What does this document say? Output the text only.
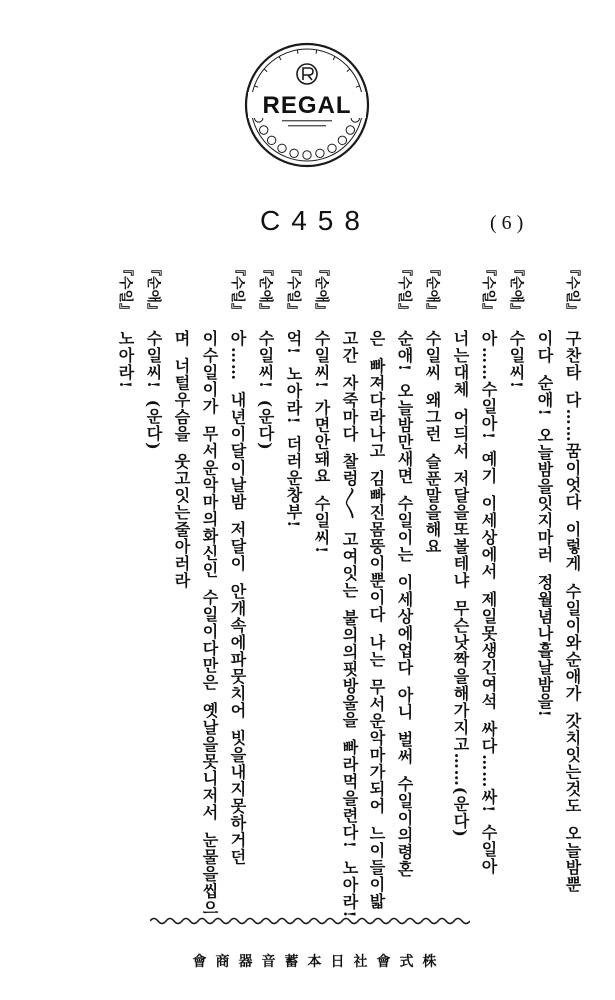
REGAL
C458	(6)
『수일』
구찬타 다……꿈이엇다 이렇게 수일이와순애가 갓치잇는것도 오늘밤뿐
이다 순애! 오늘밤을잇지마러 정월념나흘날밤을!
『순애』
수일씨!
『수일』
아……수일아! 예기 이세상에서 제일못생긴여석 싸다……싸! 수일아
너는대체 어듸서 저달을또볼테냐 무슨낫짝을해가지고……(운다)
『순애』
수일씨 왜그런 슬푼말을해요
『수일』
순애! 오늘밤만새면 수일이는 이세상에업다 아니 벌써 수일이의령혼
은 빠져다라나고 김빠진몸뚱이뿐이다 나는 무서운악마가되어 느이들이밟
고간 자죽마다 찰렁〳〵 고여잇는 불의의핏방울을 빠라먹을련다! 노아라!
『순애』
수일씨! 가면안돼요 수일씨!
『수일』
억! 노아라! 더러운창부!
『순애』
수일씨! (운다)
『수일』
아…… 내년이달이날밤 저달이 안개속에파뭇치어 빗을내지못하거던
이수일이가 무서운악마의화신인 수일이다만은 옛날을못니저서 눈물을씹으
며 너털우슴을 웃고잇는줄아러라
『순애』
수일씨! (운다)
『수일』
노아라!
會商器音蓄本日社會式株
